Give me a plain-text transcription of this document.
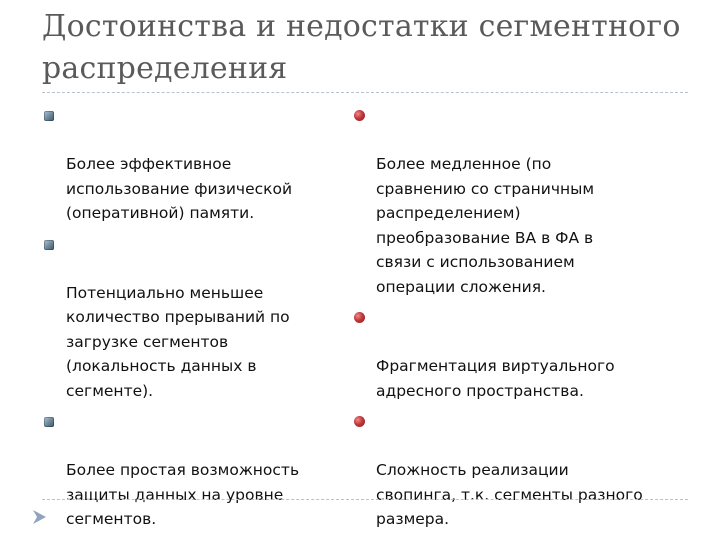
Достоинства и недостатки сегментного
распределения

Более эффективное
использование физической
(оперативной) памяти.

Потенциально меньшее
количество прерываний по
загрузке сегментов
(локальность данных в
сегменте).

Более простая возможность
защиты данных на уровне
сегментов.

Более медленное (по
сравнению со страничным
распределением)
преобразование ВА в ФА в
связи с использованием
операции сложения.

Фрагментация виртуального
адресного пространства.

Сложность реализации
свопинга, т.к. сегменты разного
размера.
